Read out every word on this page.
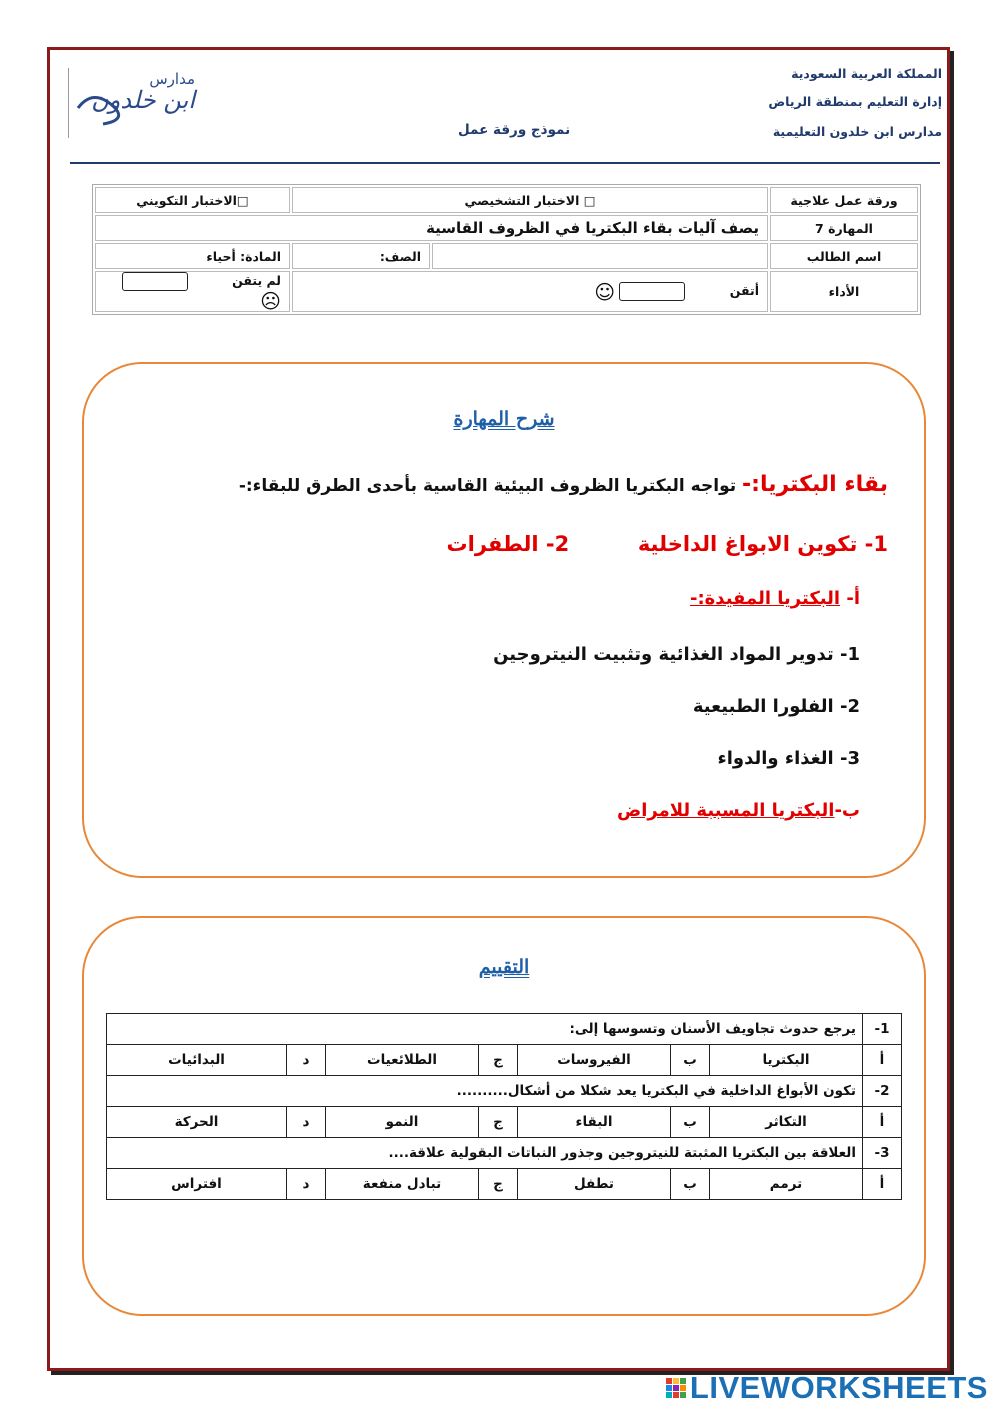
المملكة العربية السعودية
إدارة التعليم بمنطقة الرياض
مدارس ابن خلدون التعليمية
مدارس
ابن خلدون
نموذج ورقة عمل
ورقة عمل علاجية	□ الاختبار التشخيصي		□الاختبار التكويني
المهارة 7	يصف آليات بقاء البكتريا في الظروف القاسية		
اسم الطالب		الصف:	المادة: أحياء
الأداء	أتقن  ☺		لم يتقن  ☹
شرح المهارة
بقاء البكتريا:- تواجه البكتريا الظروف البيئية القاسية بأحدى الطرق للبقاء:-
1- تكوين الابواغ الداخلية  2- الطفرات
أ- البكتريا المفيدة:-
1- تدوير المواد الغذائية وتثبيت النيتروجين
2- الفلورا الطبيعية
3- الغذاء والدواء
ب-البكتريا المسببة للامراض
التقييم
1-	يرجع حدوث تجاويف الأسنان وتسوسها إلى:						
أ	البكتريا	ب	الفيروسات	ج	الطلائعيات	د	البدائيات
2-	تكون الأبواغ الداخلية في البكتريا يعد شكلا من أشكال..........						
أ	التكاثر	ب	البقاء	ج	النمو	د	الحركة
3-	العلاقة بين البكتريا المثبتة للنيتروجين وجذور النباتات البقولية علاقة....						
أ	ترمم	ب	تطفل	ج	تبادل منفعة	د	افتراس
LIVEWORKSHEETS
